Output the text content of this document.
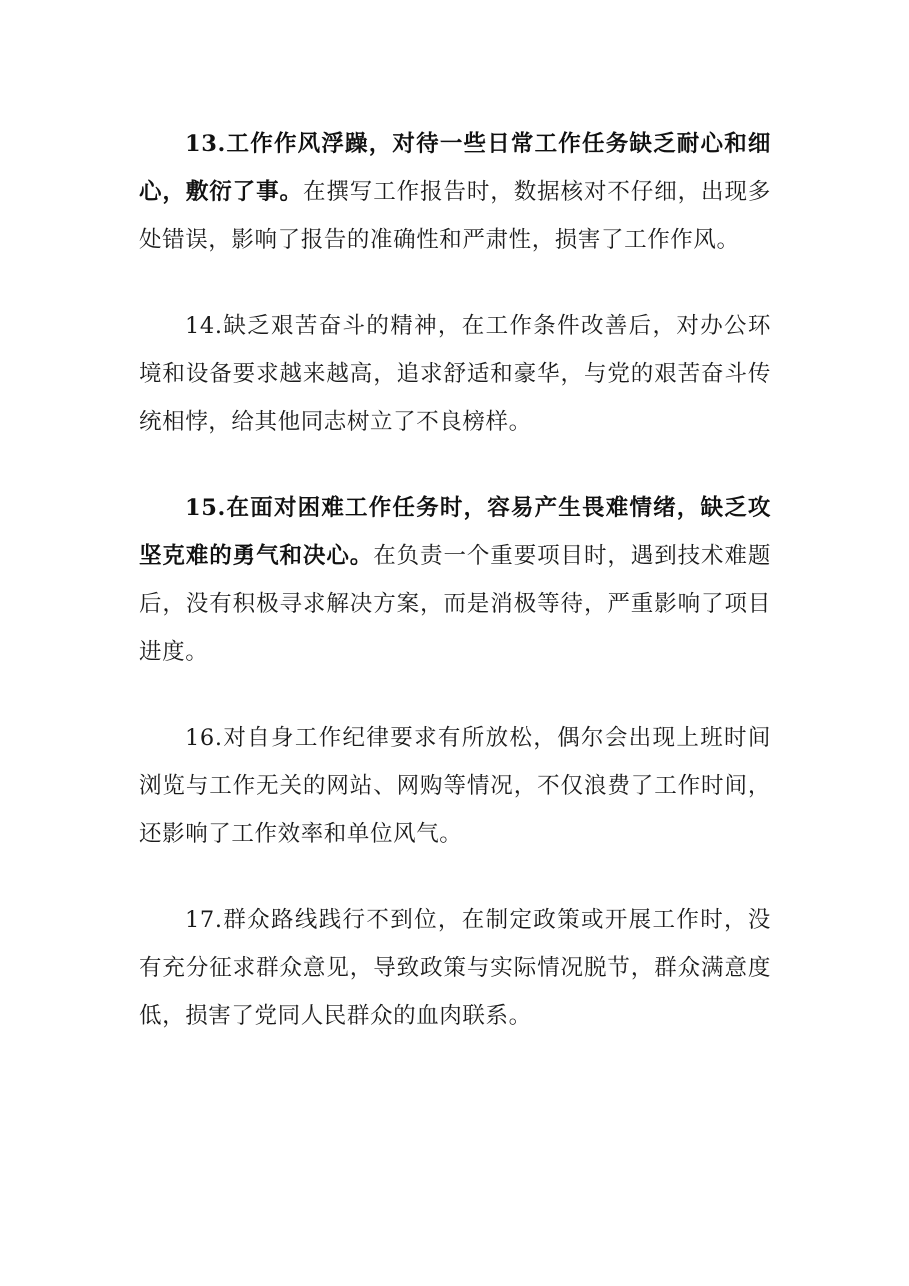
13.工作作风浮躁，对待一些日常工作任务缺乏耐心和细心，敷衍了事。在撰写工作报告时，数据核对不仔细，出现多处错误，影响了报告的准确性和严肃性，损害了工作作风。

14.缺乏艰苦奋斗的精神，在工作条件改善后，对办公环境和设备要求越来越高，追求舒适和豪华，与党的艰苦奋斗传统相悖，给其他同志树立了不良榜样。

15.在面对困难工作任务时，容易产生畏难情绪，缺乏攻坚克难的勇气和决心。在负责一个重要项目时，遇到技术难题后，没有积极寻求解决方案，而是消极等待，严重影响了项目进度。

16.对自身工作纪律要求有所放松，偶尔会出现上班时间浏览与工作无关的网站、网购等情况，不仅浪费了工作时间，还影响了工作效率和单位风气。

17.群众路线践行不到位，在制定政策或开展工作时，没有充分征求群众意见，导致政策与实际情况脱节，群众满意度低，损害了党同人民群众的血肉联系。
